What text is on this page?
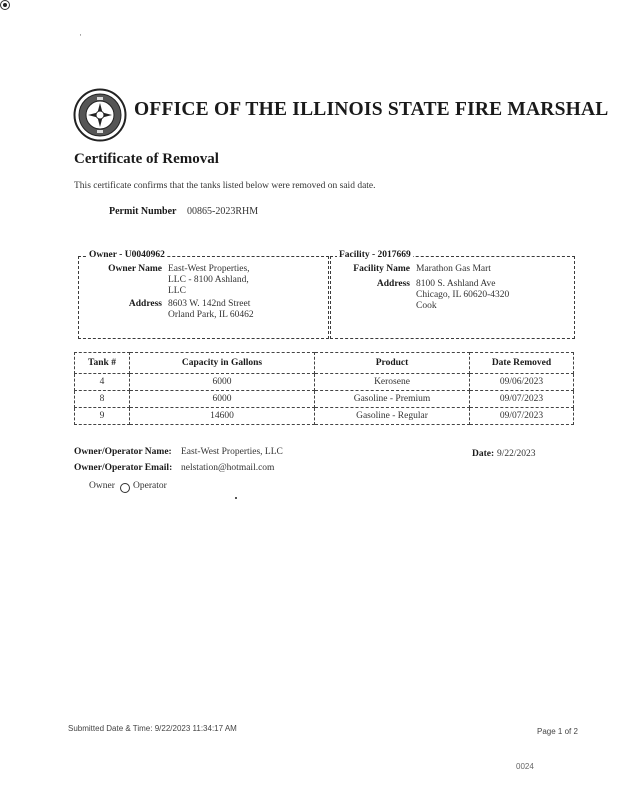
·
OFFICE OF THE ILLINOIS STATE FIRE MARSHAL
Certificate of Removal
This certificate confirms that the tanks listed below were removed on said date.
Permit Number 00865-2023RHM
Owner - U0040962
Owner Name East-West Properties,
LLC - 8100 Ashland,
LLC
Address 8603 W. 142nd Street
Orland Park, IL 60462
Facility - 2017669
Facility Name Marathon Gas Mart
Address 8100 S. Ashland Ave
Chicago, IL 60620-4320
Cook
Tank #	Capacity in Gallons	Product	Date Removed
4	6000	Kerosene	09/06/2023
8	6000	Gasoline - Premium	09/07/2023
9	14600	Gasoline - Regular	09/07/2023
Owner/Operator Name: East-West Properties, LLC	Date: 9/22/2023
Owner/Operator Email: nelstation@hotmail.com
Owner Operator
Submitted Date & Time: 9/22/2023 11:34:17 AM	Page 1 of 2
0024
